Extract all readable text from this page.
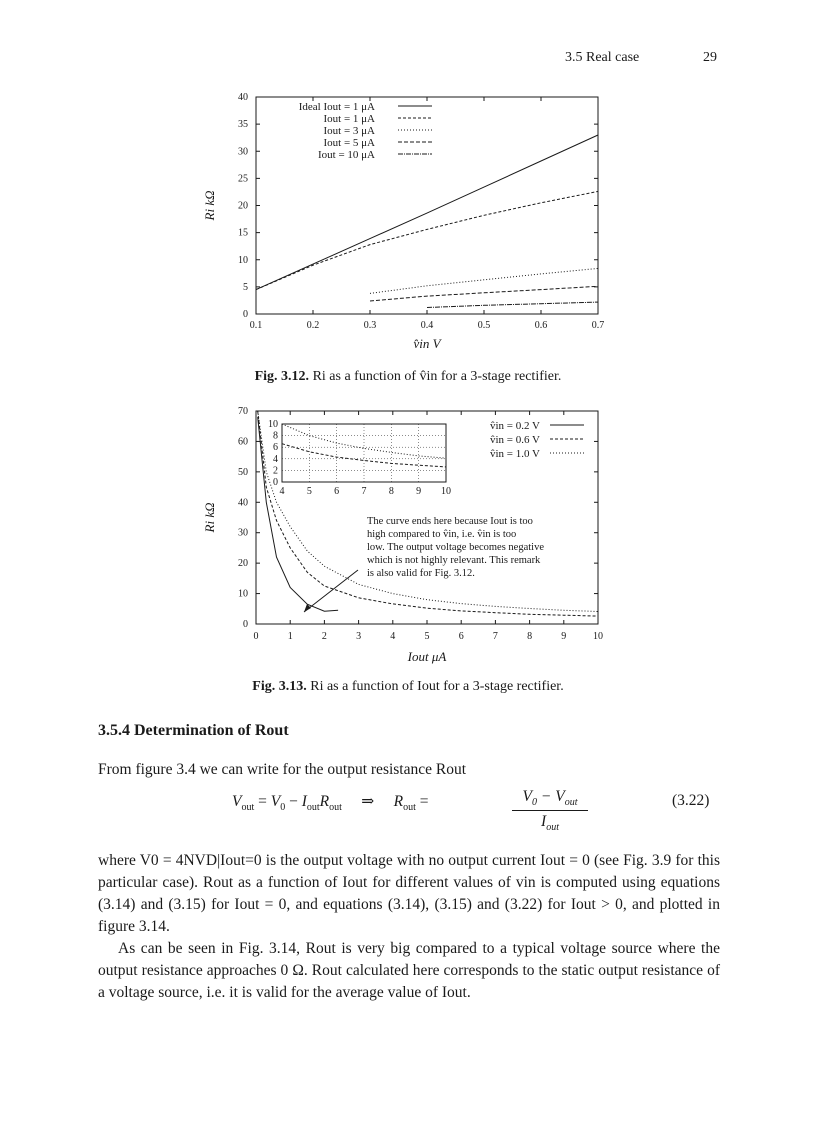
3.5 Real case	29
0.1	0.2	0.3	0.4	0.5	0.6	0.7
0
5
10
15
20
25
30
35
40
Ri kΩ
v̂in V
Ideal Iout = 1 μA
Iout = 1 μA
Iout = 3 μA
Iout = 5 μA
Iout = 10 μA
Fig. 3.12. Ri as a function of v̂in for a 3-stage rectifier.
0	1	2	3	4	5	6	7	8	9	10
0
10
20
30
40
50
60
70
Ri kΩ
Iout μA
4 5 6 7 8 9 10
0
2
4
6
8
10	v̂in = 0.2 V
v̂in = 0.6 V
v̂in = 1.0 V
The curve ends here because Iout is too
high compared to v̂in, i.e. v̂in is too
low. The output voltage becomes negative
which is not highly relevant. This remark
is also valid for Fig. 3.12.
Fig. 3.13. Ri as a function of Iout for a 3-stage rectifier.
3.5.4 Determination of Rout
From figure 3.4 we can write for the output resistance Rout
$V_{out} = V_0 - I_{out}R_{out}$     ⇒     $R_{out}$ =	$V_0 - V_{out}$
$I_{out}$
(3.22)
where V0 = 4NVD|Iout=0 is the output voltage with no output current Iout = 0 (see Fig. 3.9 for this particular case). Rout as a function of Iout for different values of vin is computed using equations (3.14) and (3.15) for Iout = 0, and equations (3.14), (3.15) and (3.22) for Iout > 0, and plotted in figure 3.14.
As can be seen in Fig. 3.14, Rout is very big compared to a typical voltage source where the output resistance approaches 0 Ω. Rout calculated here corresponds to the static output resistance of a voltage source, i.e. it is valid for the average value of Iout.
